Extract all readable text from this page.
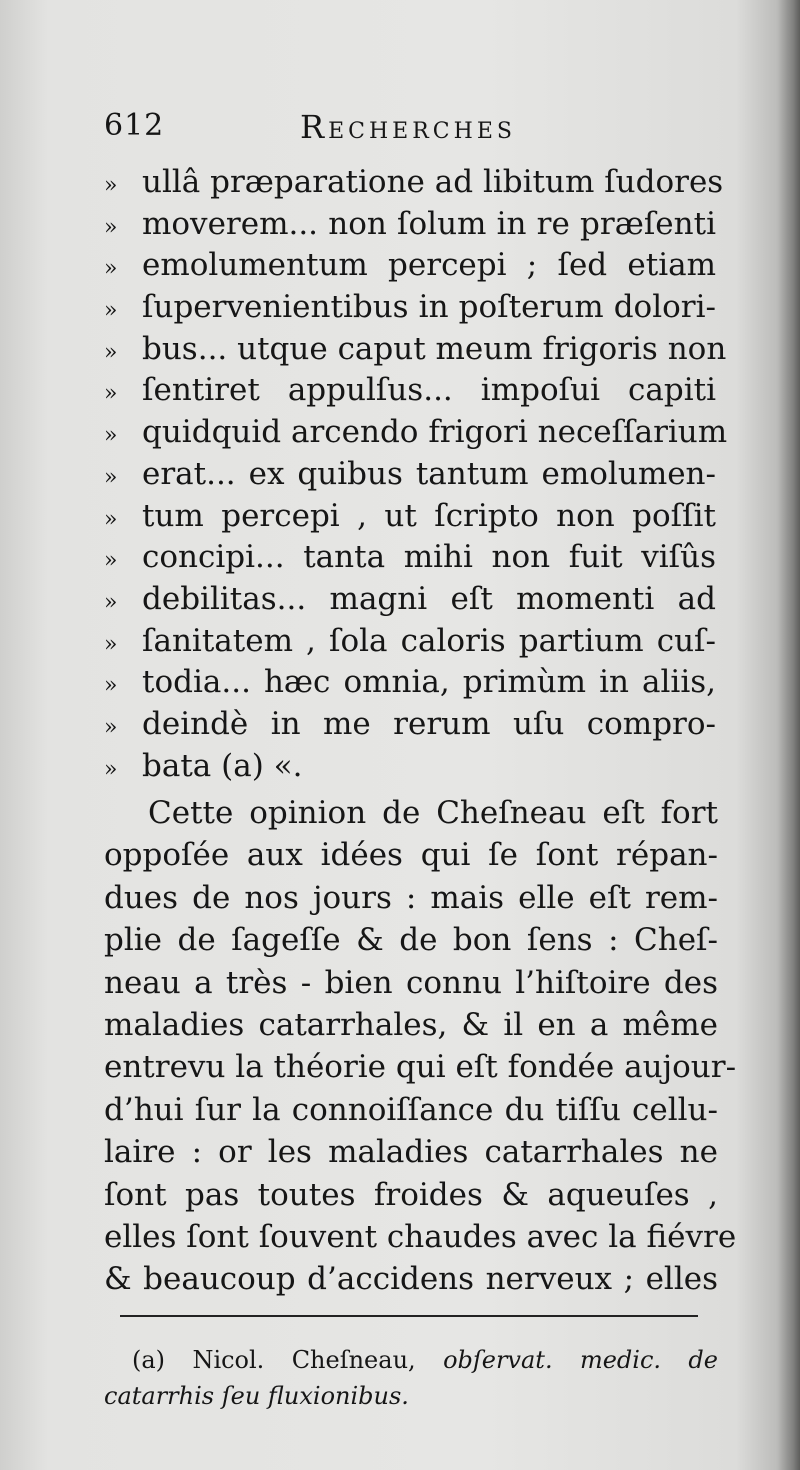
612	Recherches
» ullâ præparatione ad libitum ſudores
» moverem... non ſolum in re præſenti
» emolumentum percepi ; ſed etiam
» ſupervenientibus in poſterum dolori-
» bus... utque caput meum frigoris non
» ſentiret appulſus... impoſui capiti
» quidquid arcendo frigori neceſſarium
» erat... ex quibus tantum emolumen-
» tum percepi , ut ſcripto non poſſit
» concipi... tanta mihi non fuit viſûs
» debilitas... magni eſt momenti ad
» ſanitatem , ſola caloris partium cuſ-
» todia... hæc omnia, primùm in aliis,
» deindè in me rerum uſu compro-
» bata (a) «.
Cette opinion de Cheſneau eſt fort
oppoſée aux idées qui ſe ſont répan-
dues de nos jours : mais elle eſt rem-
plie de ſageſſe & de bon ſens : Cheſ-
neau a très - bien connu l’hiſtoire des
maladies catarrhales, & il en a même
entrevu la théorie qui eſt fondée aujour-
d’hui ſur la connoiſſance du tiſſu cellu-
laire : or les maladies catarrhales ne
ſont pas toutes froides & aqueuſes ,
elles ſont ſouvent chaudes avec la fiévre
& beaucoup d’accidens nerveux ; elles
(a) Nicol. Cheſneau, obſervat. medic. de
catarrhis ſeu fluxionibus.
